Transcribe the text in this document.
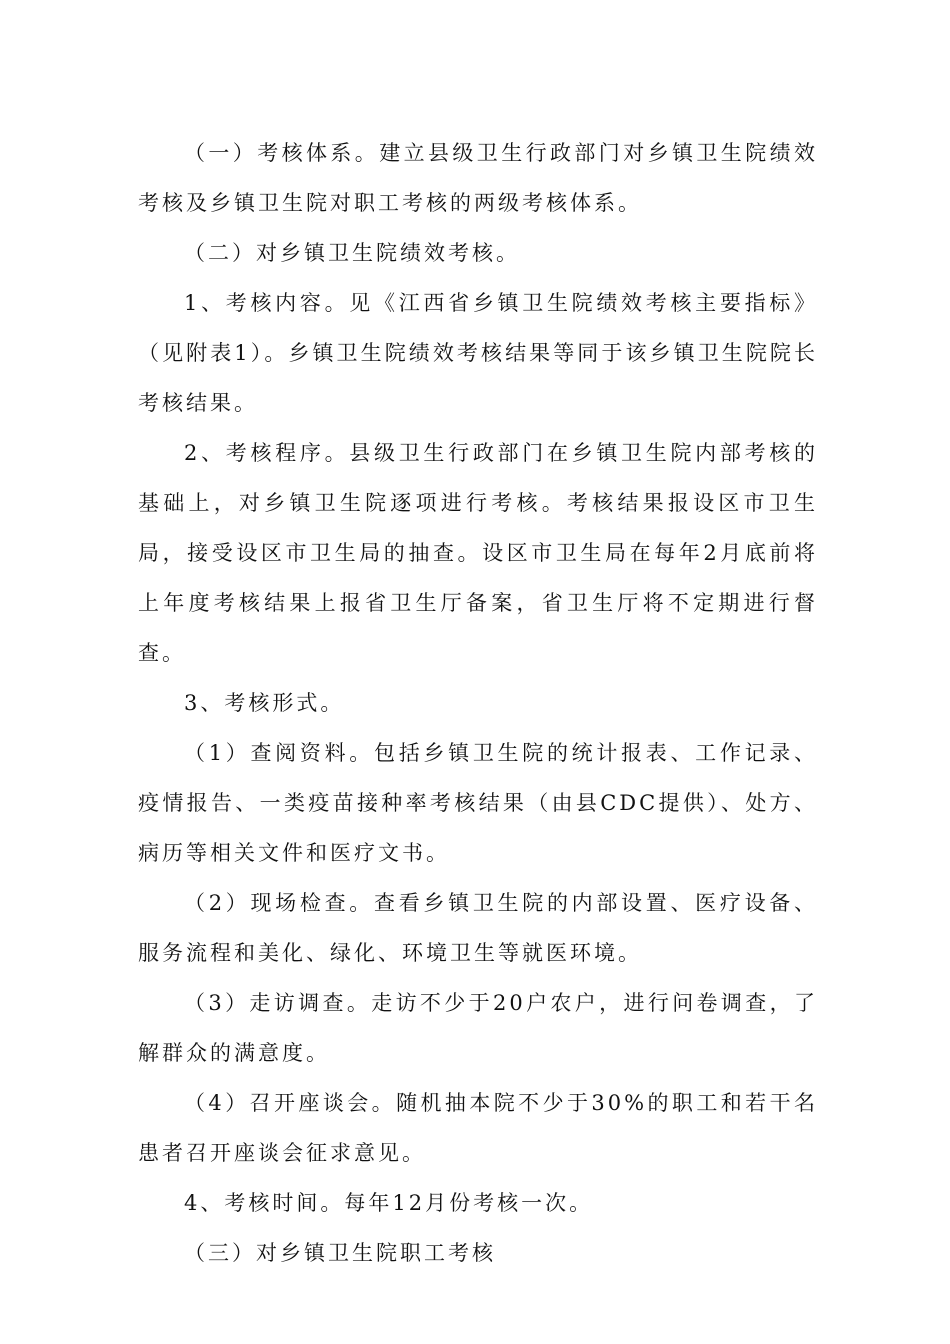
（一）考核体系。建立县级卫生行政部门对乡镇卫生院绩效考核及乡镇卫生院对职工考核的两级考核体系。

（二）对乡镇卫生院绩效考核。

1、考核内容。见《江西省乡镇卫生院绩效考核主要指标》（见附表1）。乡镇卫生院绩效考核结果等同于该乡镇卫生院院长考核结果。

2、考核程序。县级卫生行政部门在乡镇卫生院内部考核的基础上，对乡镇卫生院逐项进行考核。考核结果报设区市卫生局，接受设区市卫生局的抽查。设区市卫生局在每年2月底前将上年度考核结果上报省卫生厅备案，省卫生厅将不定期进行督查。

3、考核形式。

（1）查阅资料。包括乡镇卫生院的统计报表、工作记录、疫情报告、一类疫苗接种率考核结果（由县CDC提供）、处方、病历等相关文件和医疗文书。

（2）现场检查。查看乡镇卫生院的内部设置、医疗设备、服务流程和美化、绿化、环境卫生等就医环境。

（3）走访调查。走访不少于20户农户，进行问卷调查，了解群众的满意度。

（4）召开座谈会。随机抽本院不少于30%的职工和若干名患者召开座谈会征求意见。

4、考核时间。每年12月份考核一次。

（三）对乡镇卫生院职工考核
